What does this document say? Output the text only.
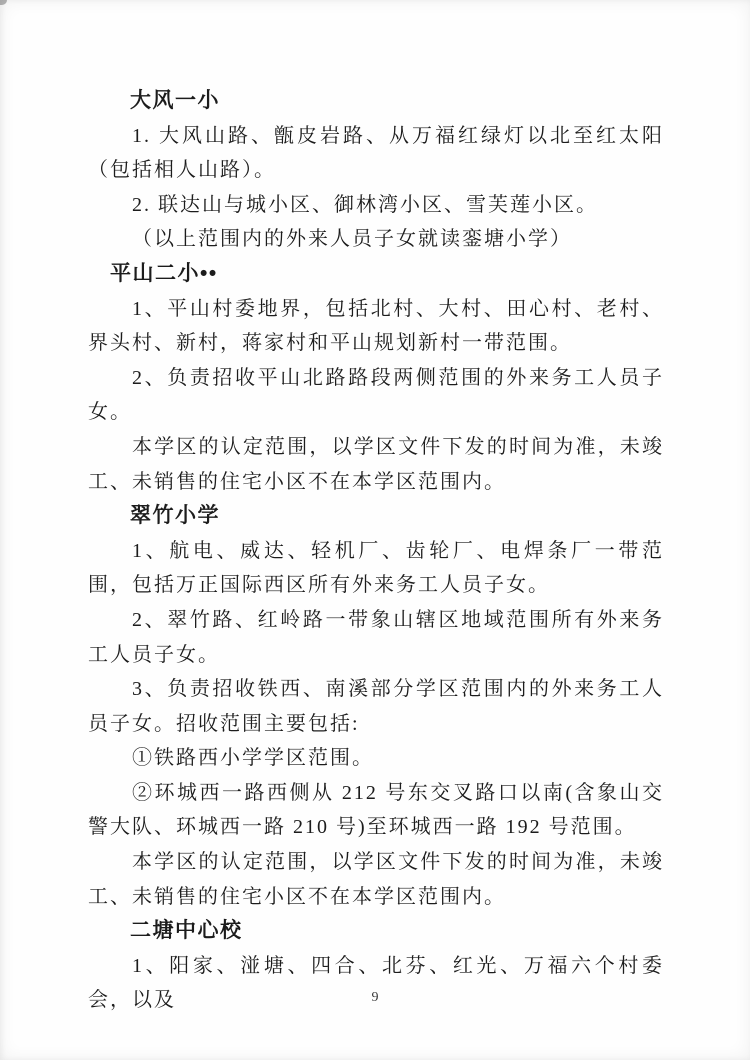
大风一小

1. 大风山路、甑皮岩路、从万福红绿灯以北至红太阳（包括相人山路）。

2. 联达山与城小区、御林湾小区、雪芙莲小区。

（以上范围内的外来人员子女就读銮塘小学）

平山二小••

1、平山村委地界，包括北村、大村、田心村、老村、界头村、新村，蒋家村和平山规划新村一带范围。

2、负责招收平山北路路段两侧范围的外来务工人员子女。

本学区的认定范围，以学区文件下发的时间为准，未竣工、未销售的住宅小区不在本学区范围内。

翠竹小学

1、航电、威达、轻机厂、齿轮厂、电焊条厂一带范围，包括万正国际西区所有外来务工人员子女。

2、翠竹路、红岭路一带象山辖区地域范围所有外来务工人员子女。

3、负责招收铁西、南溪部分学区范围内的外来务工人员子女。招收范围主要包括:

①铁路西小学学区范围。

②环城西一路西侧从 212 号东交叉路口以南(含象山交警大队、环城西一路 210 号)至环城西一路 192 号范围。

本学区的认定范围，以学区文件下发的时间为准，未竣工、未销售的住宅小区不在本学区范围内。

二塘中心校

1、阳家、湴塘、四合、北芬、红光、万福六个村委会，以及	9
